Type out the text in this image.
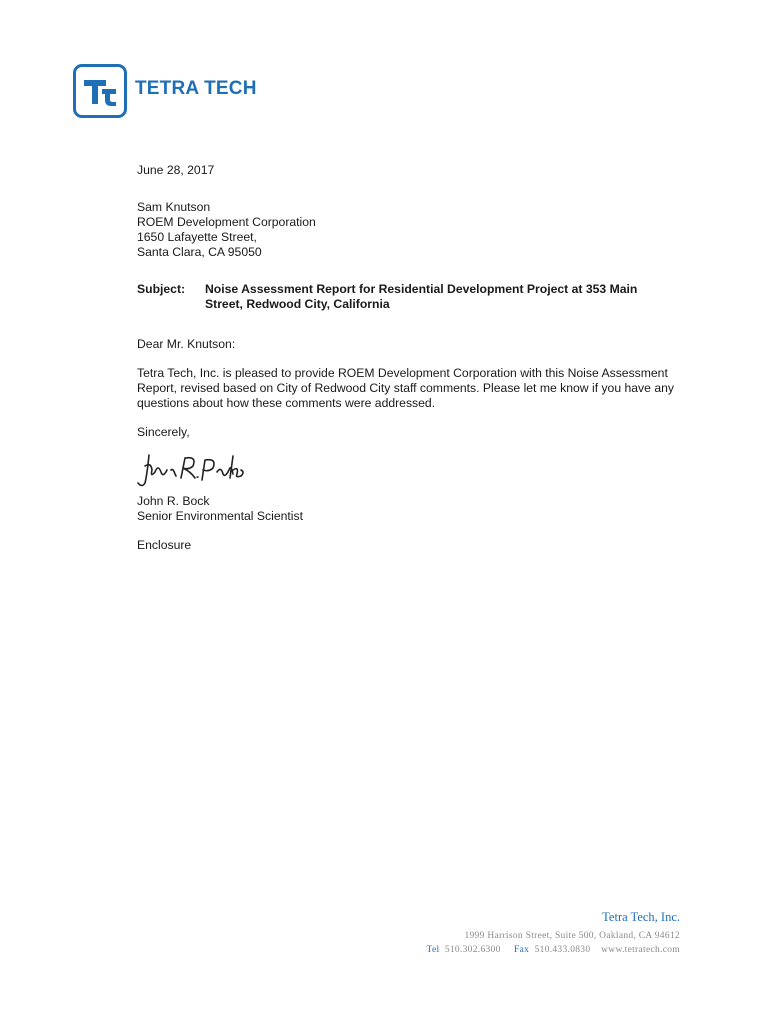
TETRA TECH

June 28, 2017

Sam Knutson

ROEM Development Corporation

1650 Lafayette Street,

Santa Clara, CA 95050

Subject:	Noise Assessment Report for Residential Development Project at 353 Main
Street, Redwood City, California

Dear Mr. Knutson:

Tetra Tech, Inc. is pleased to provide ROEM Development Corporation with this Noise Assessment Report, revised based on City of Redwood City staff comments. Please let me know if you have any questions about how these comments were addressed.

Sincerely,

John R. Bock

Senior Environmental Scientist

Enclosure

Tetra Tech, Inc.
1999 Harrison Street, Suite 500, Oakland, CA 94612
Tel 510.302.6300 Fax 510.433.0830 www.tetratech.com
